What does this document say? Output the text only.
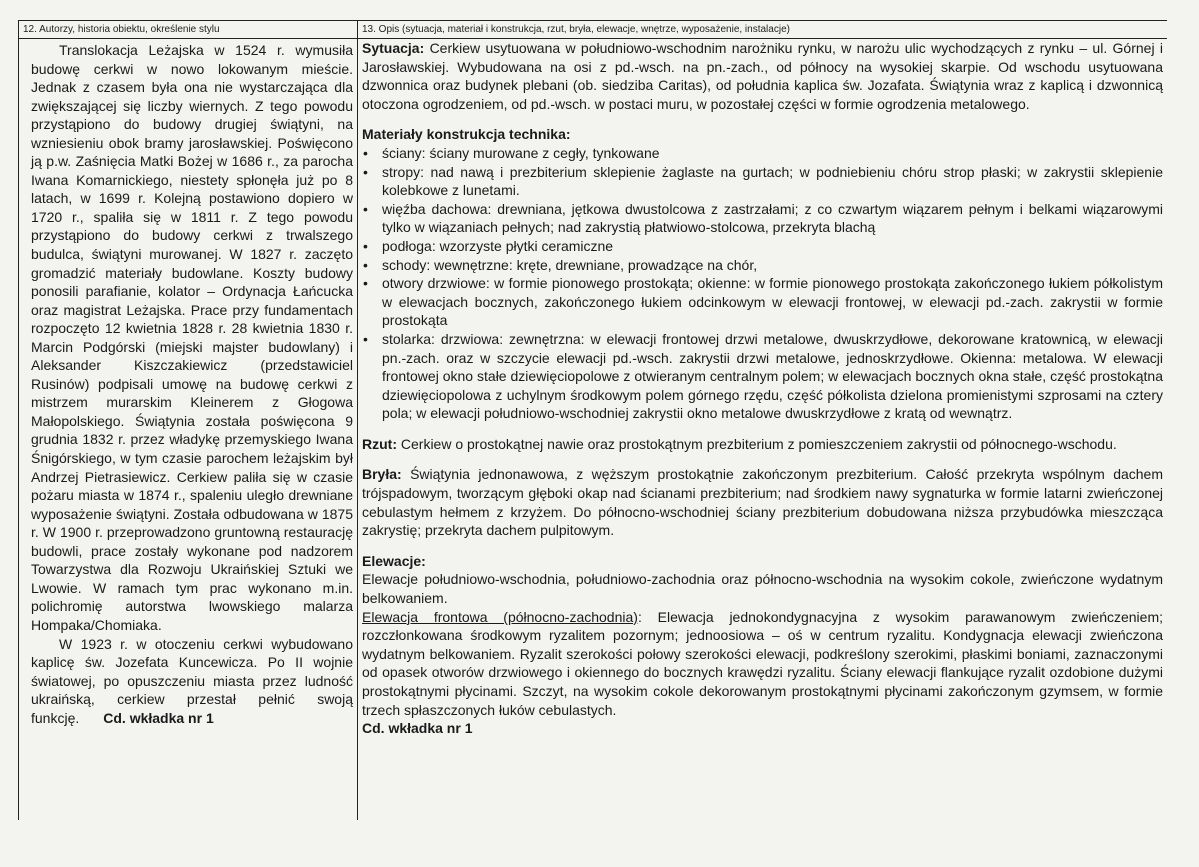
12. Autorzy, historia obiektu, określenie stylu

Translokacja Leżajska w 1524 r. wymusiła budowę cerkwi w nowo lokowanym mieście. Jednak z czasem była ona nie wystarczająca dla zwiększającej się liczby wiernych. Z tego powodu przystąpiono do budowy drugiej świątyni, na wzniesieniu obok bramy jarosławskiej. Poświęcono ją p.w. Zaśnięcia Matki Bożej w 1686 r., za parocha Iwana Komarnickiego, niestety spłonęła już po 8 latach, w 1699 r. Kolejną postawiono dopiero w 1720 r., spaliła się w 1811 r. Z tego powodu przystąpiono do budowy cerkwi z trwalszego budulca, świątyni murowanej. W 1827 r. zaczęto gromadzić materiały budowlane. Koszty budowy ponosili parafianie, kolator – Ordynacja Łańcucka oraz magistrat Leżajska. Prace przy fundamentach rozpoczęto 12 kwietnia 1828 r. 28 kwietnia 1830 r. Marcin Podgórski (miejski majster budowlany) i Aleksander Kiszczakiewicz (przedstawiciel Rusinów) podpisali umowę na budowę cerkwi z mistrzem murarskim Kleinerem z Głogowa Małopolskiego. Świątynia została poświęcona 9 grudnia 1832 r. przez władykę przemyskiego Iwana Śnigórskiego, w tym czasie parochem leżajskim był Andrzej Pietrasiewicz. Cerkiew paliła się w czasie pożaru miasta w 1874 r., spaleniu uległo drewniane wyposażenie świątyni. Została odbudowana w 1875 r. W 1900 r. przeprowadzono gruntowną restaurację budowli, prace zostały wykonane pod nadzorem Towarzystwa dla Rozwoju Ukraińskiej Sztuki we Lwowie. W ramach tym prac wykonano m.in. polichromię autorstwa lwowskiego malarza Hompaka/Chomiaka.

W 1923 r. w otoczeniu cerkwi wybudowano kaplicę św. Jozefata Kuncewicza. Po II wojnie światowej, po opuszczeniu miasta przez ludność ukraińską, cerkiew przestał pełnić swoją funkcję. Cd. wkładka nr 1

13. Opis (sytuacja, materiał i konstrukcja, rzut, bryła, elewacje, wnętrze, wyposażenie, instalacje)

Sytuacja: Cerkiew usytuowana w południowo-wschodnim narożniku rynku, w narożu ulic wychodzących z rynku – ul. Górnej i Jarosławskiej. Wybudowana na osi z pd.-wsch. na pn.-zach., od północy na wysokiej skarpie. Od wschodu usytuowana dzwonnica oraz budynek plebani (ob. siedziba Caritas), od południa kaplica św. Jozafata. Świątynia wraz z kaplicą i dzwonnicą otoczona ogrodzeniem, od pd.-wsch. w postaci muru, w pozostałej części w formie ogrodzenia metalowego.

Materiały konstrukcja technika:

• ściany: ściany murowane z cegły, tynkowane
• stropy: nad nawą i prezbiterium sklepienie żaglaste na gurtach; w podniebieniu chóru strop płaski; w zakrystii sklepienie kolebkowe z lunetami.
• więźba dachowa: drewniana, jętkowa dwustolcowa z zastrzałami; z co czwartym wiązarem pełnym i belkami wiązarowymi tylko w wiązaniach pełnych; nad zakrystią płatwiowo-stolcowa, przekryta blachą
• podłoga: wzorzyste płytki ceramiczne
• schody: wewnętrzne: kręte, drewniane, prowadzące na chór,
• otwory drzwiowe: w formie pionowego prostokąta; okienne: w formie pionowego prostokąta zakończonego łukiem półkolistym w elewacjach bocznych, zakończonego łukiem odcinkowym w elewacji frontowej, w elewacji pd.-zach. zakrystii w formie prostokąta
• stolarka: drzwiowa: zewnętrzna: w elewacji frontowej drzwi metalowe, dwuskrzydłowe, dekorowane kratownicą, w elewacji pn.-zach. oraz w szczycie elewacji pd.-wsch. zakrystii drzwi metalowe, jednoskrzydłowe. Okienna: metalowa. W elewacji frontowej okno stałe dziewięciopolowe z otwieranym centralnym polem; w elewacjach bocznych okna stałe, część prostokątna dziewięciopolowa z uchylnym środkowym polem górnego rzędu, część półkolista dzielona promienistymi szprosami na cztery pola; w elewacji południowo-wschodniej zakrystii okno metalowe dwuskrzydłowe z kratą od wewnątrz.

Rzut: Cerkiew o prostokątnej nawie oraz prostokątnym prezbiterium z pomieszczeniem zakrystii od północnego-wschodu.

Bryła: Świątynia jednonawowa, z węższym prostokątnie zakończonym prezbiterium. Całość przekryta wspólnym dachem trójspadowym, tworzącym głęboki okap nad ścianami prezbiterium; nad środkiem nawy sygnaturka w formie latarni zwieńczonej cebulastym hełmem z krzyżem. Do północno-wschodniej ściany prezbiterium dobudowana niższa przybudówka mieszcząca zakrystię; przekryta dachem pulpitowym.

Elewacje:

Elewacje południowo-wschodnia, południowo-zachodnia oraz północno-wschodnia na wysokim cokole, zwieńczone wydatnym belkowaniem.

Elewacja frontowa (północno-zachodnia): Elewacja jednokondygnacyjna z wysokim parawanowym zwieńczeniem; rozczłonkowana środkowym ryzalitem pozornym; jednoosiowa – oś w centrum ryzalitu. Kondygnacja elewacji zwieńczona wydatnym belkowaniem. Ryzalit szerokości połowy szerokości elewacji, podkreślony szerokimi, płaskimi boniami, zaznaczonymi od opasek otworów drzwiowego i okiennego do bocznych krawędzi ryzalitu. Ściany elewacji flankujące ryzalit ozdobione dużymi prostokątnymi płycinami. Szczyt, na wysokim cokole dekorowanym prostokątnymi płycinami zakończonym gzymsem, w formie trzech spłaszczonych łuków cebulastych.

Cd. wkładka nr 1
